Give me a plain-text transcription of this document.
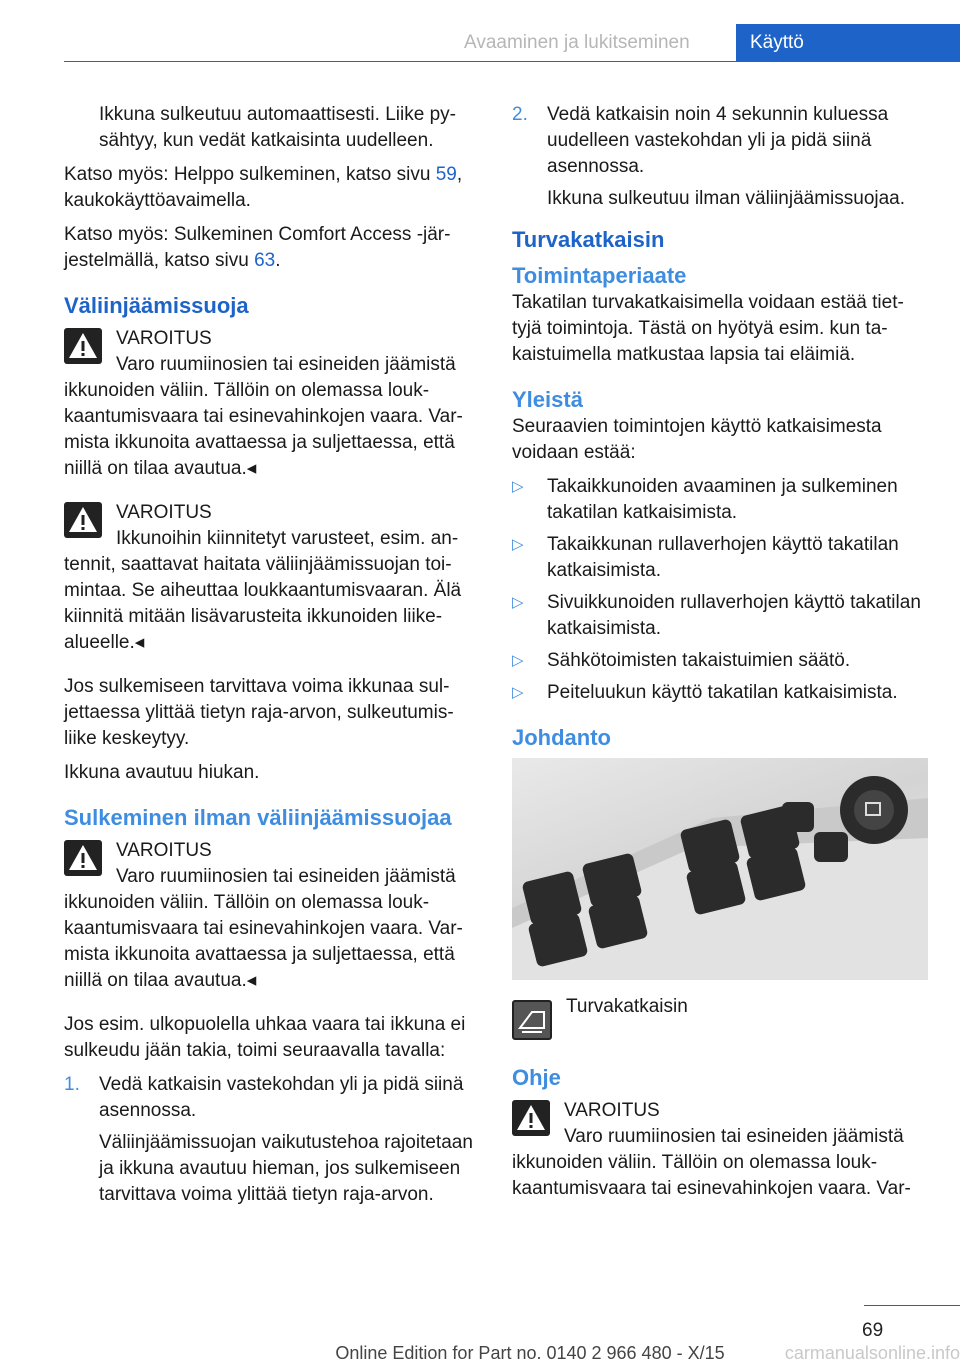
Avaaminen ja lukitseminen	Käyttö

Ikkuna sulkeutuu automaattisesti. Liike pysähtyy, kun vedät katkaisinta uudelleen.

Katso myös: Helppo sulkeminen, katso sivu 59, kaukokäyttöavaimella.

Katso myös: Sulkeminen Comfort Access ‑järjestelmällä, katso sivu 63.

Väliinjäämissuoja
VAROITUS
Varo ruumiinosien tai esineiden jäämistä ikkunoiden väliin. Tällöin on olemassa loukkaantumisvaara tai esinevahinkojen vaara. Varmista ikkunoita avattaessa ja suljettaessa, että niillä on tilaa avautua.◂
VAROITUS
Ikkunoihin kiinnitetyt varusteet, esim. antennit, saattavat haitata väliinjäämissuojan toimintaa. Se aiheuttaa loukkaantumisvaaran. Älä kiinnitä mitään lisävarusteita ikkunoiden liikealueelle.◂

Jos sulkemiseen tarvittava voima ikkunaa suljettaessa ylittää tietyn raja-arvon, sulkeutumisliike keskeytyy.

Ikkuna avautuu hiukan.

Sulkeminen ilman väliinjäämissuojaa
VAROITUS
Varo ruumiinosien tai esineiden jäämistä ikkunoiden väliin. Tällöin on olemassa loukkaantumisvaara tai esinevahinkojen vaara. Varmista ikkunoita avattaessa ja suljettaessa, että niillä on tilaa avautua.◂

Jos esim. ulkopuolella uhkaa vaara tai ikkuna ei sulkeudu jään takia, toimi seuraavalla tavalla:

1. Vedä katkaisin vastekohdan yli ja pidä siinä asennossa.

Väliinjäämissuojan vaikutustehoa rajoitetaan ja ikkuna avautuu hieman, jos sulkemiseen tarvittava voima ylittää tietyn raja-arvon.

2. Vedä katkaisin noin 4 sekunnin kuluessa uudelleen vastekohdan yli ja pidä siinä asennossa.

Ikkuna sulkeutuu ilman väliinjäämissuojaa.

Turvakatkaisin
Toimintaperiaate

Takatilan turvakatkaisimella voidaan estää tiettyjä toimintoja. Tästä on hyötyä esim. kun takaistuimella matkustaa lapsia tai eläimiä.

Yleistä

Seuraavien toimintojen käyttö katkaisimesta voidaan estää:

▷ Takaikkunoiden avaaminen ja sulkeminen takatilan katkaisimista.
▷ Takaikkunan rullaverhojen käyttö takatilan katkaisimista.
▷ Sivuikkunoiden rullaverhojen käyttö takatilan katkaisimista.
▷ Sähkötoimisten takaistuimien säätö.
▷ Peiteluukun käyttö takatilan katkaisimista.
Johdanto
Turvakatkaisin
Ohje
VAROITUS
Varo ruumiinosien tai esineiden jäämistä ikkunoiden väliin. Tällöin on olemassa loukkaantumisvaara tai esinevahinkojen vaara. Var-
69
Online Edition for Part no. 0140 2 966 480 - X/15	carmanualsonline.info
